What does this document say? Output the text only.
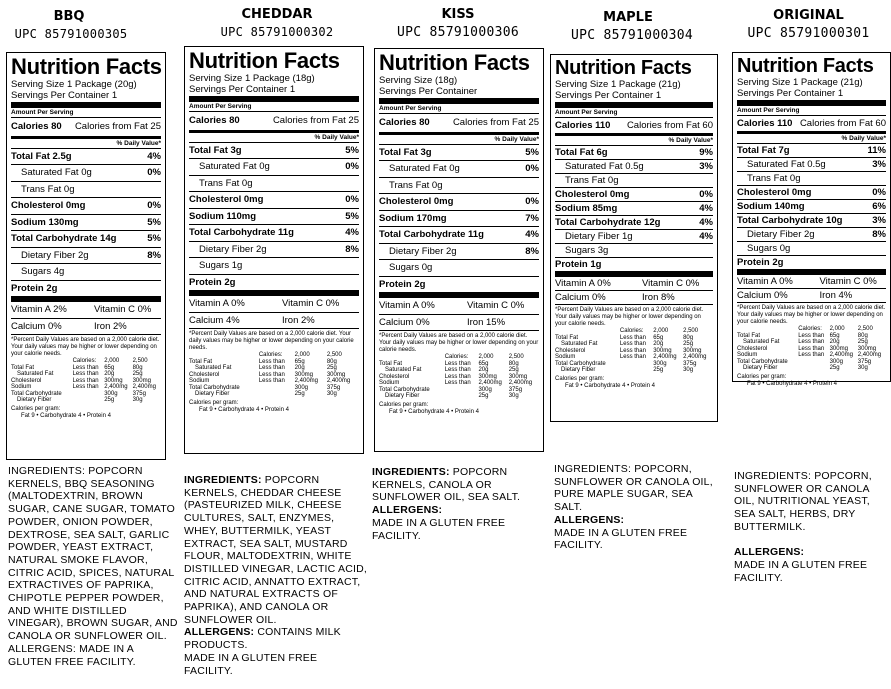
BBQ
UPC 85791000305
Nutrition Facts
Serving Size 1 Package (20g)
Servings Per Container 1
Amount Per Serving
Calories 80 Calories from Fat 25
% Daily Value*
Total Fat 2.5g	4%
Saturated Fat 0g	0%
Trans Fat 0g
Cholesterol 0mg	0%
Sodium 130mg	5%
Total Carbohydrate 14g	5%
Dietary Fiber 2g	8%
Sugars 4g
Protein 2g
Vitamin A 2%	Vitamin C 0%
Calcium 0%	Iron 2%
*Percent Daily Values are based on a 2,000 calorie diet. Your daily values may be higher or lower depending on your calorie needs.
	Calories:	2,000	2,500
Total Fat	Less than	65g	80g
Saturated Fat	Less than	20g	25g
Cholesterol	Less than	300mg	300mg
Sodium	Less than	2,400mg	2,400mg
Total Carbohydrate		300g	375g
Dietary Fiber		25g	30g
Calories per gram:
Fat 9 • Carbohydrate 4 • Protein 4
INGREDIENTS: POPCORN KERNELS, BBQ SEASONING (MALTODEXTRIN, BROWN SUGAR, CANE SUGAR, TOMATO POWDER, ONION POWDER, DEXTROSE, SEA SALT, GARLIC POWDER, YEAST EXTRACT, NATURAL SMOKE FLAVOR, CITRIC ACID, SPICES, NATURAL EXTRACTIVES OF PAPRIKA, CHIPOTLE PEPPER POWDER, AND WHITE DISTILLED VINEGAR), BROWN SUGAR, AND CANOLA OR SUNFLOWER OIL.
ALLERGENS: MADE IN A GLUTEN FREE FACILITY.
CHEDDAR
UPC 85791000302
Nutrition Facts
Serving Size 1 Package (18g)
Servings Per Container 1
Amount Per Serving
Calories 80	Calories from Fat 25
% Daily Value*
Total Fat 3g	5%
Saturated Fat 0g	0%
Trans Fat 0g
Cholesterol 0mg	0%
Sodium 110mg	5%
Total Carbohydrate 11g	4%
Dietary Fiber 2g	8%
Sugars 1g
Protein 2g
Vitamin A 0%	Vitamin C 0%
Calcium 4%	Iron 2%
*Percent Daily Values are based on a 2,000 calorie diet. Your daily values may be higher or lower depending on your calorie needs.
	Calories:	2,000	2,500
Total Fat	Less than	65g	80g
Saturated Fat	Less than	20g	25g
Cholesterol	Less than	300mg	300mg
Sodium	Less than	2,400mg	2,400mg
Total Carbohydrate		300g	375g
Dietary Fiber		25g	30g
Calories per gram:
Fat 9 • Carbohydrate 4 • Protein 4
INGREDIENTS: POPCORN KERNELS, CHEDDAR CHEESE (PASTEURIZED MILK, CHEESE CULTURES, SALT, ENZYMES, WHEY, BUTTERMILK, YEAST EXTRACT, SEA SALT, MUSTARD FLOUR, MALTODEXTRIN, WHITE DISTILLED VINEGAR, LACTIC ACID, CITRIC ACID, ANNATTO EXTRACT, AND NATURAL EXTRACTS OF PAPRIKA), AND CANOLA OR SUNFLOWER OIL.
ALLERGENS: CONTAINS MILK PRODUCTS.
MADE IN A GLUTEN FREE FACILITY.
KISS
UPC 85791000306
Nutrition Facts
Serving Size (18g)
Servings Per Container
Amount Per Serving
Calories 80 Calories from Fat 25
% Daily Value*
Total Fat 3g	5%
Saturated Fat 0g	0%
Trans Fat 0g
Cholesterol 0mg	0%
Sodium 170mg	7%
Total Carbohydrate 11g	4%
Dietary Fiber 2g	8%
Sugars 0g
Protein 2g
Vitamin A 0%	Vitamin C 0%
Calcium 0%	Iron 15%
*Percent Daily Values are based on a 2,000 calorie diet. Your daily values may be higher or lower depending on your calorie needs.
	Calories:	2,000	2,500
Total Fat	Less than	65g	80g
Saturated Fat	Less than	20g	25g
Cholesterol	Less than	300mg	300mg
Sodium	Less than	2,400mg	2,400mg
Total Carbohydrate		300g	375g
Dietary Fiber		25g	30g
Calories per gram:
Fat 9 • Carbohydrate 4 • Protein 4
INGREDIENTS: POPCORN KERNELS, CANOLA OR SUNFLOWER OIL, SEA SALT.
ALLERGENS:
MADE IN A GLUTEN FREE FACILITY.
MAPLE
UPC 85791000304
Nutrition Facts
Serving Size 1 Package (21g)
Servings Per Container 1
Amount Per Serving
Calories 110 Calories from Fat 60
% Daily Value*
Total Fat 6g	9%
Saturated Fat 0.5g	3%
Trans Fat 0g
Cholesterol 0mg	0%
Sodium 85mg	4%
Total Carbohydrate 12g	4%
Dietary Fiber 1g	4%
Sugars 3g
Protein 1g
Vitamin A 0%	Vitamin C 0%
Calcium 0%	Iron 8%
*Percent Daily Values are based on a 2,000 calorie diet. Your daily values may be higher or lower depending on your calorie needs.
	Calories:	2,000	2,500
Total Fat	Less than	65g	80g
Saturated Fat	Less than	20g	25g
Cholesterol	Less than	300mg	300mg
Sodium	Less than	2,400mg	2,400mg
Total Carbohydrate		300g	375g
Dietary Fiber		25g	30g
Calories per gram:
Fat 9 • Carbohydrate 4 • Protein 4
INGREDIENTS: POPCORN, SUNFLOWER OR CANOLA OIL, PURE MAPLE SUGAR, SEA SALT.
ALLERGENS:
MADE IN A GLUTEN FREE FACILITY.
ORIGINAL
UPC 85791000301
Nutrition Facts
Serving Size 1 Package (21g)
Servings Per Container 1
Amount Per Serving
Calories 110 Calories from Fat 60
% Daily Value*
Total Fat 7g	11%
Saturated Fat 0.5g	3%
Trans Fat 0g
Cholesterol 0mg	0%
Sodium 140mg	6%
Total Carbohydrate 10g	3%
Dietary Fiber 2g	8%
Sugars 0g
Protein 2g
Vitamin A 0%	Vitamin C 0%
Calcium 0%	Iron 4%
*Percent Daily Values are based on a 2,000 calorie diet. Your daily values may be higher or lower depending on your calorie needs.
	Calories:	2,000	2,500
Total Fat	Less than	65g	80g
Saturated Fat	Less than	20g	25g
Cholesterol	Less than	300mg	300mg
Sodium	Less than	2,400mg	2,400mg
Total Carbohydrate		300g	375g
Dietary Fiber		25g	30g
Calories per gram:
Fat 9 • Carbohydrate 4 • Protein 4
INGREDIENTS: POPCORN, SUNFLOWER OR CANOLA OIL, NUTRITIONAL YEAST, SEA SALT, HERBS, DRY BUTTERMILK.

ALLERGENS:
MADE IN A GLUTEN FREE FACILITY.
